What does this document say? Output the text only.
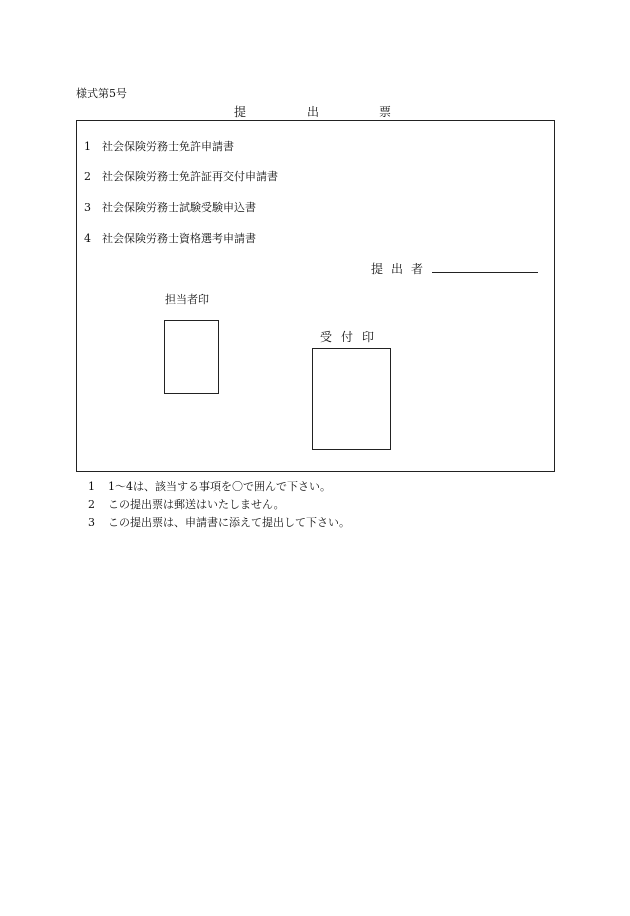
様式第5号
提	出	票
1 社会保険労務士免許申請書
2 社会保険労務士免許証再交付申請書
3 社会保険労務士試験受験申込書
4 社会保険労務士資格選考申請書
提出者
担当者印
受付印
1 1～4は、該当する事項を〇で囲んで下さい。
2 この提出票は郵送はいたしません。
3 この提出票は、申請書に添えて提出して下さい。
